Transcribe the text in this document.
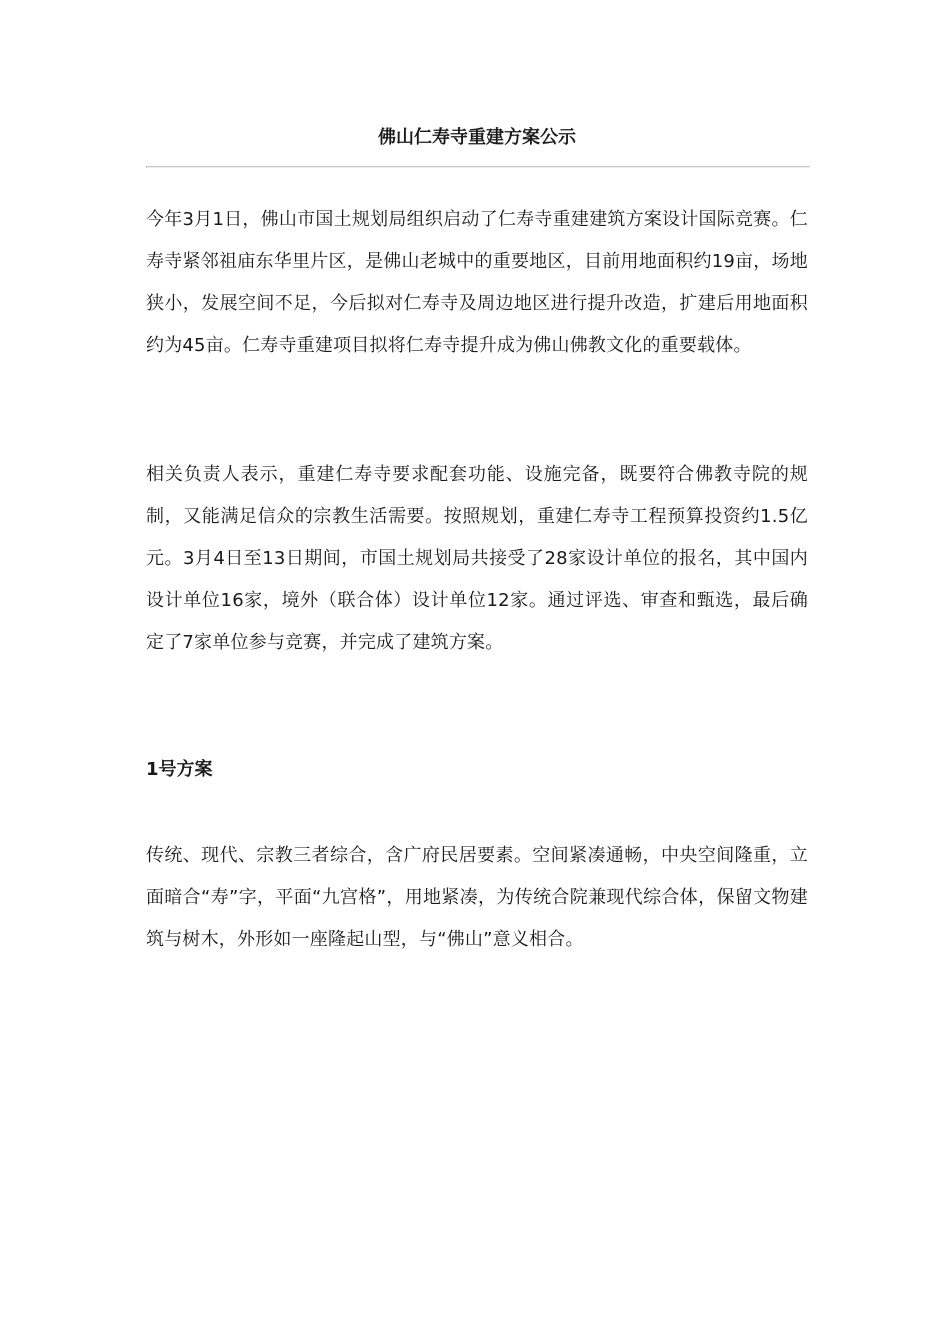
佛山仁寿寺重建方案公示

今年3月1日，佛山市国土规划局组织启动了仁寿寺重建建筑方案设计国际竞赛。仁寿寺紧邻祖庙东华里片区，是佛山老城中的重要地区，目前用地面积约19亩，场地狭小，发展空间不足，今后拟对仁寿寺及周边地区进行提升改造，扩建后用地面积约为45亩。仁寿寺重建项目拟将仁寿寺提升成为佛山佛教文化的重要载体。

相关负责人表示，重建仁寿寺要求配套功能、设施完备，既要符合佛教寺院的规制，又能满足信众的宗教生活需要。按照规划，重建仁寿寺工程预算投资约1.5亿元。3月4日至13日期间，市国土规划局共接受了28家设计单位的报名，其中国内设计单位16家，境外（联合体）设计单位12家。通过评选、审查和甄选，最后确定了7家单位参与竞赛，并完成了建筑方案。

1号方案

传统、现代、宗教三者综合，含广府民居要素。空间紧凑通畅，中央空间隆重，立面暗合“寿”字，平面“九宫格”，用地紧凑，为传统合院兼现代综合体，保留文物建筑与树木，外形如一座隆起山型，与“佛山”意义相合。
